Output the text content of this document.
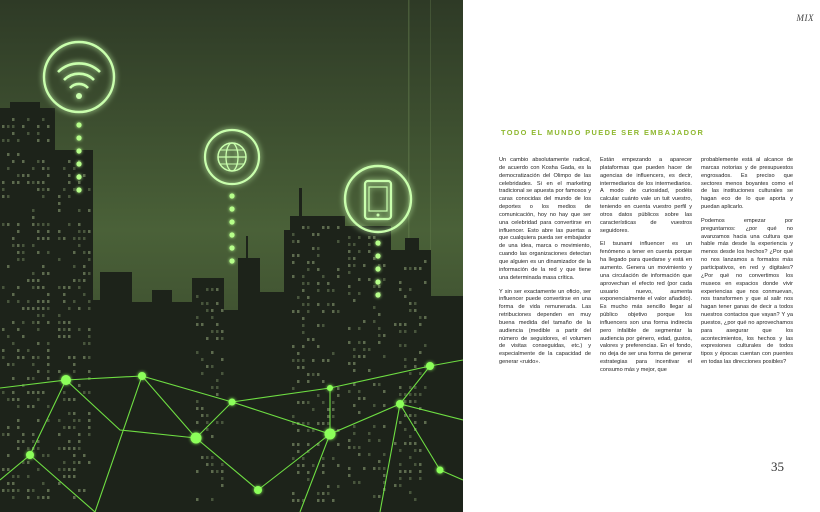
MIX
TODO EL MUNDO PUEDE SER EMBAJADOR

Un cambio absolutamente radical, de acuerdo con Kosha Gada, es la democratización del Olimpo de las celebridades. Si en el marketing tradicional se apuesta por famosos y caras conocidas del mundo de los deportes o los medios de comunicación, hoy no hay que ser una celebridad para convertirse en influencer. Esto abre las puertas a que cualquiera pueda ser embajador de una idea, marca o movimiento, cuando las organizaciones detectan que alguien es un dinamizador de la información de la red y que tiene una determinada masa crítica.

Y sin ser exactamente un oficio, ser influencer puede convertirse en una forma de vida remunerada. Las retribuciones dependen en muy buena medida del tamaño de la audiencia (medible a partir del número de seguidores, el volumen de visitas conseguidas, etc.) y especialmente de la capacidad de generar «ruido».

Están empezando a aparecer plataformas que pueden hacer de agencias de influencers, es decir, intermediarios de los intermediarios. A modo de curiosidad, podéis calcular cuánto vale un tuit vuestro, teniendo en cuenta vuestro perfil y otros datos públicos sobre las características de vuestros seguidores.

El tsunami influencer es un fenómeno a tener en cuenta porque ha llegado para quedarse y está en aumento. Genera un movimiento y una circulación de información que aprovechan el efecto red (por cada usuario nuevo, aumenta exponencialmente el valor añadido). Es mucho más sencillo llegar al público objetivo porque los influencers son una forma indirecta pero infalible de segmentar la audiencia por género, edad, gustos, valores y preferencias. En el fondo, no deja de ser una forma de generar estrategias para incentivar el consumo más y mejor, que

probablemente está al alcance de marcas notorias y de presupuestos engrosados. Es preciso que sectores menos boyantes como el de las instituciones culturales se hagan eco de lo que aporta y puedan aplicarlo.

Podemos empezar por preguntarnos: ¿por qué no avanzamos hacia una cultura que hable más desde la experiencia y menos desde los hechos? ¿Por qué no nos lanzamos a formatos más participativos, en red y digitales? ¿Por qué no convertimos los museos en espacios donde vivir experiencias que nos conmuevan, nos transformen y que al salir nos hagan tener ganas de decir a todos nuestros contactos que vayan? Y ya puestos, ¿por qué no aprovechamos para asegurar que los acontecimientos, los hechos y las expresiones culturales de todos tipos y épocas cuentan con puentes en todas las direcciones posibles?

35
